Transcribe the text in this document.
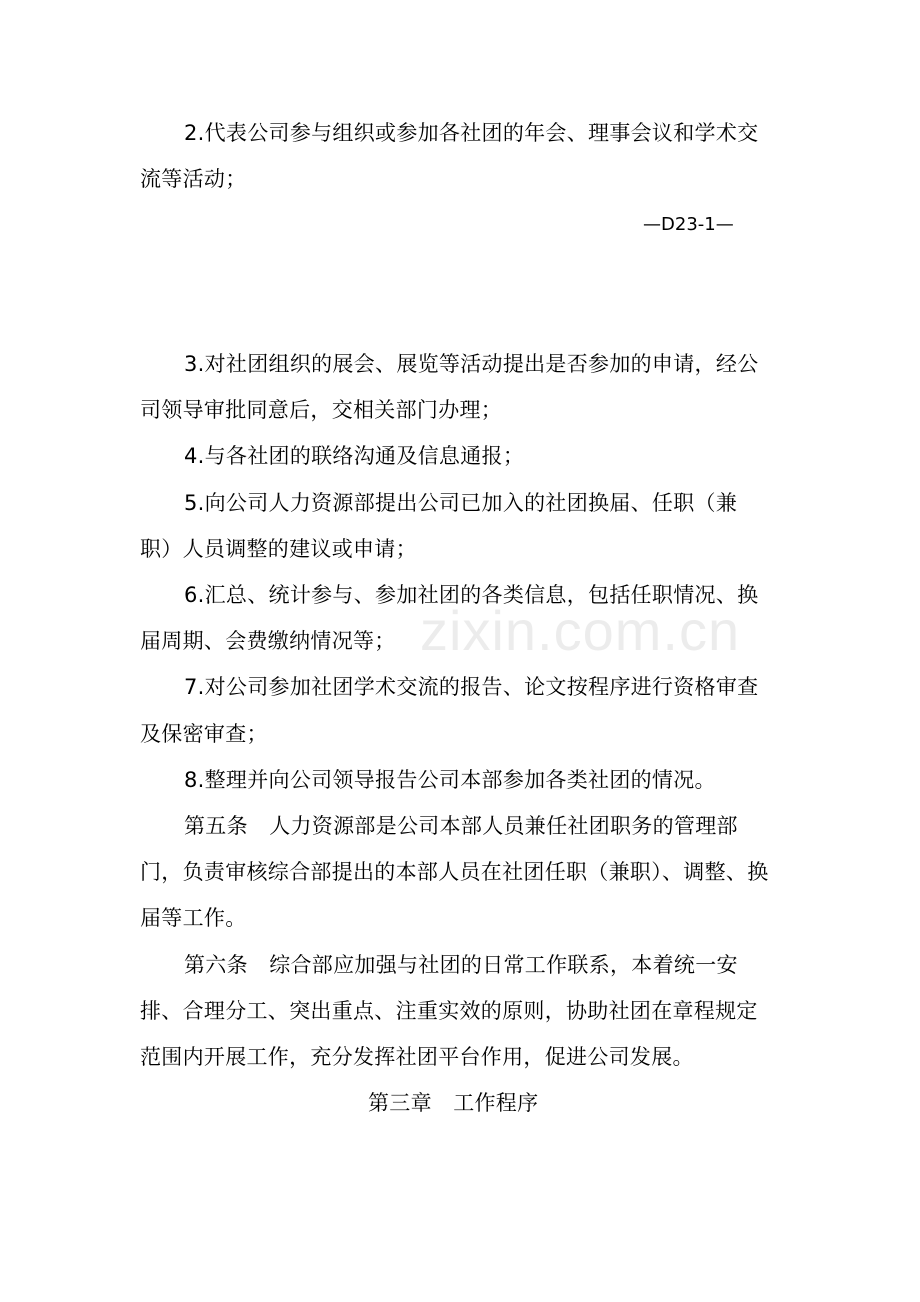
2.代表公司参与组织或参加各社团的年会、理事会议和学术交
流等活动；
—D23-1—
3.对社团组织的展会、展览等活动提出是否参加的申请，经公
司领导审批同意后，交相关部门办理；
4.与各社团的联络沟通及信息通报；
5.向公司人力资源部提出公司已加入的社团换届、任职（兼
职）人员调整的建议或申请；
6.汇总、统计参与、参加社团的各类信息，包括任职情况、换
届周期、会费缴纳情况等；
7.对公司参加社团学术交流的报告、论文按程序进行资格审查
及保密审查；
8.整理并向公司领导报告公司本部参加各类社团的情况。
第五条　人力资源部是公司本部人员兼任社团职务的管理部
门，负责审核综合部提出的本部人员在社团任职（兼职）、调整、换
届等工作。
第六条　综合部应加强与社团的日常工作联系，本着统一安
排、合理分工、突出重点、注重实效的原则，协助社团在章程规定
范围内开展工作，充分发挥社团平台作用，促进公司发展。
第三章　工作程序
zixin.com.cn
